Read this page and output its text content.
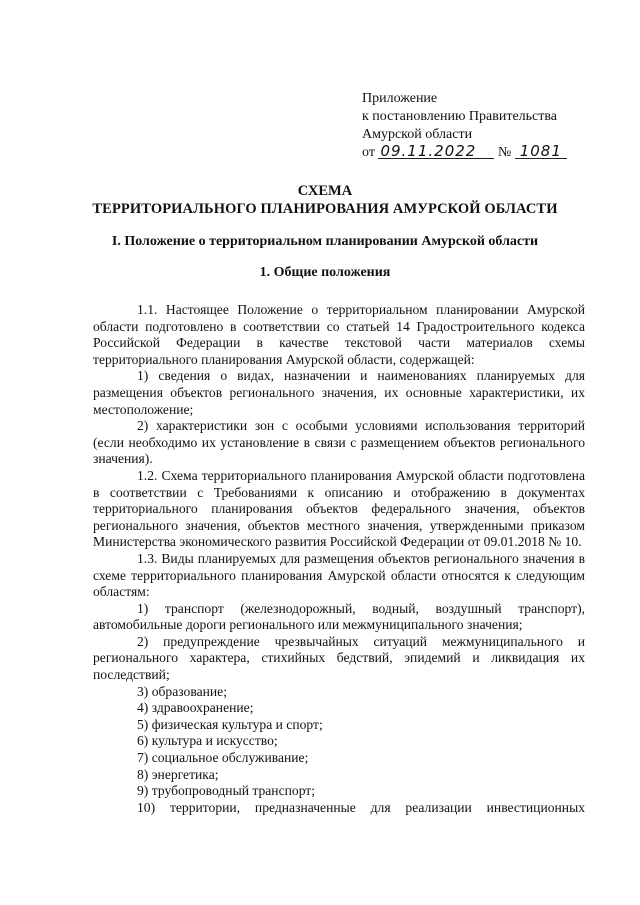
Приложение
к постановлению Правительства
Амурской области
от 09.11.2022 № 1081
СХЕМА
ТЕРРИТОРИАЛЬНОГО ПЛАНИРОВАНИЯ АМУРСКОЙ ОБЛАСТИ
I. Положение о территориальном планировании Амурской области
1. Общие положения

1.1. Настоящее Положение о территориальном планировании Амурской области подготовлено в соответствии со статьей 14 Градостроительного кодекса Российской Федерации в качестве текстовой части материалов схемы территориального планирования Амурской области, содержащей:

1) сведения о видах, назначении и наименованиях планируемых для размещения объектов регионального значения, их основные характеристики, их местоположение;

2) характеристики зон с особыми условиями использования территорий (если необходимо их установление в связи с размещением объектов регионального значения).

1.2. Схема территориального планирования Амурской области подготовлена в соответствии с Требованиями к описанию и отображению в документах территориального планирования объектов федерального значения, объектов регионального значения, объектов местного значения, утвержденными приказом Министерства экономического развития Российской Федерации от 09.01.2018 № 10.

1.3. Виды планируемых для размещения объектов регионального значения в схеме территориального планирования Амурской области относятся к следующим областям:

1) транспорт (железнодорожный, водный, воздушный транспорт), автомобильные дороги регионального или межмуниципального значения;

2) предупреждение чрезвычайных ситуаций межмуниципального и регионального характера, стихийных бедствий, эпидемий и ликвидация их последствий;

3) образование;

4) здравоохранение;

5) физическая культура и спорт;

6) культура и искусство;

7) социальное обслуживание;

8) энергетика;

9) трубопроводный транспорт;

10) территории, предназначенные для реализации инвестиционных
